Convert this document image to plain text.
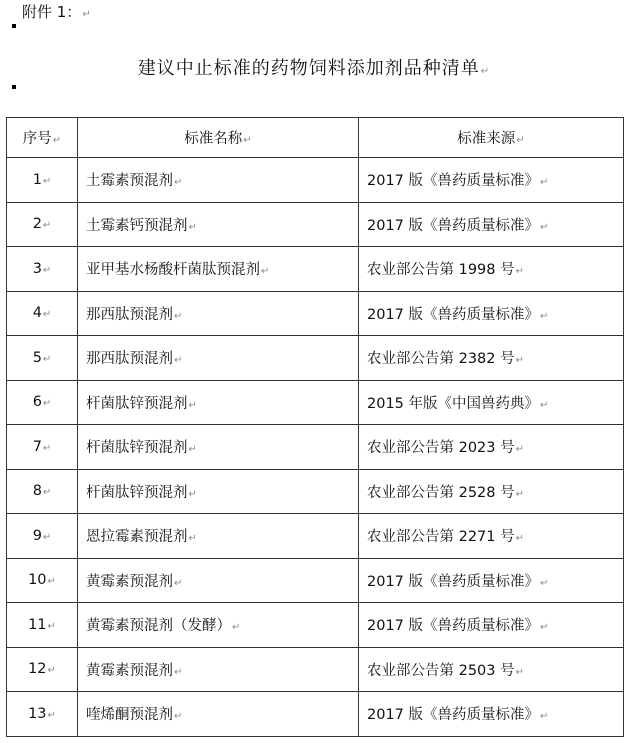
附件 1：↵
建议中止标准的药物饲料添加剂品种清单↵
序号↵	标准名称↵	标准来源↵
1↵	土霉素预混剂↵	2017 版《兽药质量标准》↵
2↵	土霉素钙预混剂↵	2017 版《兽药质量标准》↵
3↵	亚甲基水杨酸杆菌肽预混剂↵	农业部公告第 1998 号↵
4↵	那西肽预混剂↵	2017 版《兽药质量标准》↵
5↵	那西肽预混剂↵	农业部公告第 2382 号↵
6↵	杆菌肽锌预混剂↵	2015 年版《中国兽药典》↵
7↵	杆菌肽锌预混剂↵	农业部公告第 2023 号↵
8↵	杆菌肽锌预混剂↵	农业部公告第 2528 号↵
9↵	恩拉霉素预混剂↵	农业部公告第 2271 号↵
10↵	黄霉素预混剂↵	2017 版《兽药质量标准》↵
11↵	黄霉素预混剂（发酵）↵	2017 版《兽药质量标准》↵
12↵	黄霉素预混剂↵	农业部公告第 2503 号↵
13↵	喹烯酮预混剂↵	2017 版《兽药质量标准》↵
